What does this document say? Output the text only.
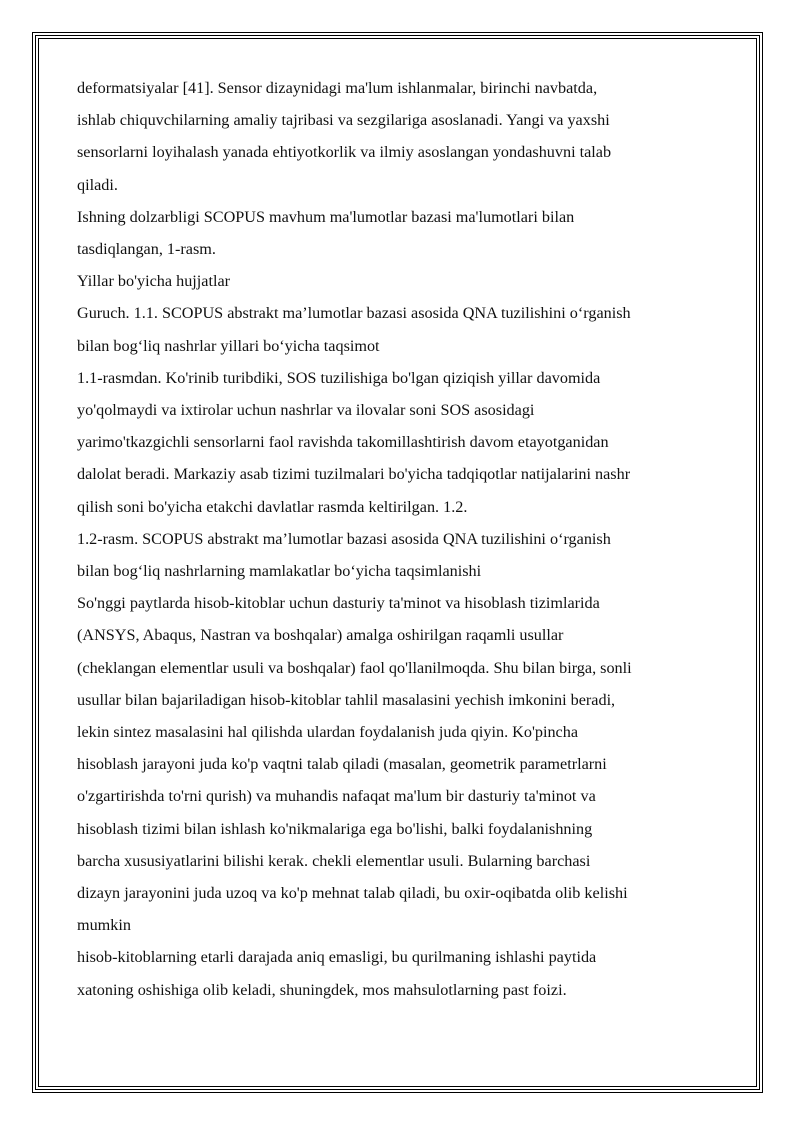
deformatsiyalar [41]. Sensor dizaynidagi ma'lum ishlanmalar, birinchi navbatda,
ishlab chiquvchilarning amaliy tajribasi va sezgilariga asoslanadi. Yangi va yaxshi
sensorlarni loyihalash yanada ehtiyotkorlik va ilmiy asoslangan yondashuvni talab
qiladi.
Ishning dolzarbligi SCOPUS mavhum ma'lumotlar bazasi ma'lumotlari bilan
tasdiqlangan, 1-rasm.
Yillar bo'yicha hujjatlar
Guruch. 1.1. SCOPUS abstrakt ma’lumotlar bazasi asosida QNA tuzilishini o‘rganish
bilan bog‘liq nashrlar yillari bo‘yicha taqsimot
1.1-rasmdan. Ko'rinib turibdiki, SOS tuzilishiga bo'lgan qiziqish yillar davomida
yo'qolmaydi va ixtirolar uchun nashrlar va ilovalar soni SOS asosidagi
yarimo'tkazgichli sensorlarni faol ravishda takomillashtirish davom etayotganidan
dalolat beradi. Markaziy asab tizimi tuzilmalari bo'yicha tadqiqotlar natijalarini nashr
qilish soni bo'yicha etakchi davlatlar rasmda keltirilgan. 1.2.
1.2-rasm. SCOPUS abstrakt ma’lumotlar bazasi asosida QNA tuzilishini o‘rganish
bilan bog‘liq nashrlarning mamlakatlar bo‘yicha taqsimlanishi
So'nggi paytlarda hisob-kitoblar uchun dasturiy ta'minot va hisoblash tizimlarida
(ANSYS, Abaqus, Nastran va boshqalar) amalga oshirilgan raqamli usullar
(cheklangan elementlar usuli va boshqalar) faol qo'llanilmoqda. Shu bilan birga, sonli
usullar bilan bajariladigan hisob-kitoblar tahlil masalasini yechish imkonini beradi,
lekin sintez masalasini hal qilishda ulardan foydalanish juda qiyin. Ko'pincha
hisoblash jarayoni juda ko'p vaqtni talab qiladi (masalan, geometrik parametrlarni
o'zgartirishda to'rni qurish) va muhandis nafaqat ma'lum bir dasturiy ta'minot va
hisoblash tizimi bilan ishlash ko'nikmalariga ega bo'lishi, balki foydalanishning
barcha xususiyatlarini bilishi kerak. chekli elementlar usuli. Bularning barchasi
dizayn jarayonini juda uzoq va ko'p mehnat talab qiladi, bu oxir-oqibatda olib kelishi
mumkin
hisob-kitoblarning etarli darajada aniq emasligi, bu qurilmaning ishlashi paytida
xatoning oshishiga olib keladi, shuningdek, mos mahsulotlarning past foizi.
